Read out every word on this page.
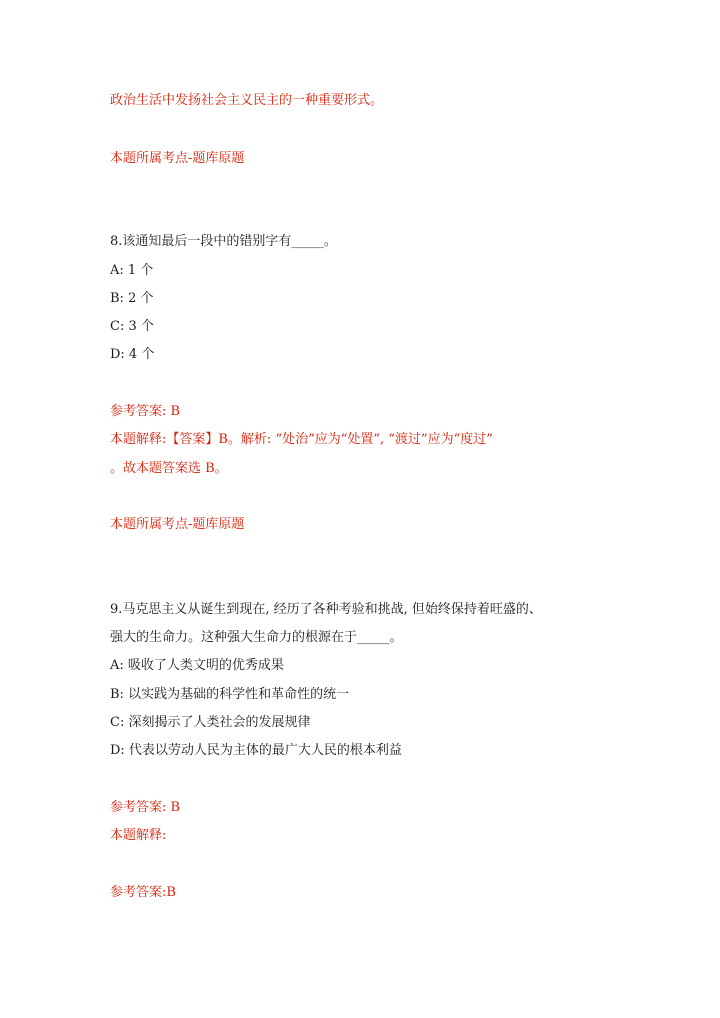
政治生活中发扬社会主义民主的一种重要形式。
本题所属考点-题库原题
8.该通知最后一段中的错别字有_____。
A: 1 个
B: 2 个
C: 3 个
D: 4 个
参考答案: B
本题解释:【答案】B。解析: “处治”应为“处置”, “渡过”应为“度过”
。故本题答案选 B。
本题所属考点-题库原题
9.马克思主义从诞生到现在, 经历了各种考验和挑战, 但始终保持着旺盛的、
强大的生命力。这种强大生命力的根源在于_____。
A: 吸收了人类文明的优秀成果
B: 以实践为基础的科学性和革命性的统一
C: 深刻揭示了人类社会的发展规律
D: 代表以劳动人民为主体的最广大人民的根本利益
参考答案: B
本题解释:
参考答案:B
